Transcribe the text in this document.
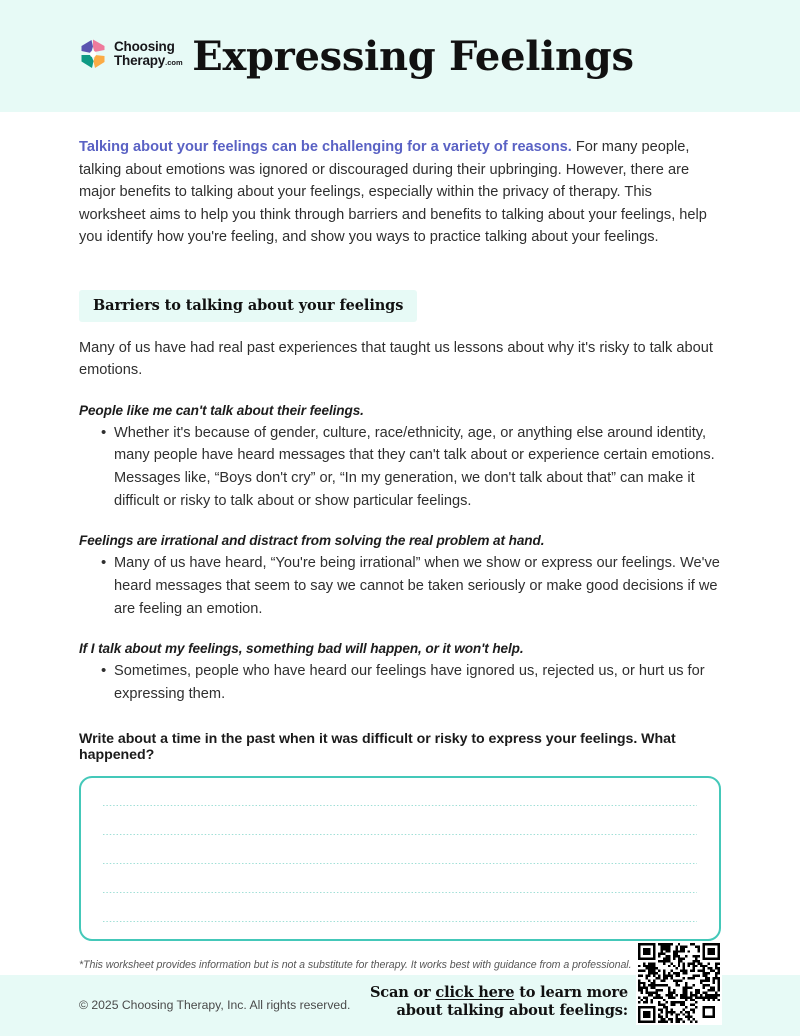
Choosing
Therapy.com Expressing Feelings

Talking about your feelings can be challenging for a variety of reasons. For many people, talking about emotions was ignored or discouraged during their upbringing. However, there are major benefits to talking about your feelings, especially within the privacy of therapy. This worksheet aims to help you think through barriers and benefits to talking about your feelings, help you identify how you're feeling, and show you ways to practice talking about your feelings.

Barriers to talking about your feelings

Many of us have had real past experiences that taught us lessons about why it's risky to talk about emotions.

People like me can't talk about their feelings.
• Whether it's because of gender, culture, race/ethnicity, age, or anything else around identity, many people have heard messages that they can't talk about or experience certain emotions. Messages like, “Boys don't cry” or, “In my generation, we don't talk about that” can make it difficult or risky to talk about or show particular feelings.
Feelings are irrational and distract from solving the real problem at hand.
• Many of us have heard, “You're being irrational” when we show or express our feelings. We've heard messages that seem to say we cannot be taken seriously or make good decisions if we are feeling an emotion.
If I talk about my feelings, something bad will happen, or it won't help.
• Sometimes, people who have heard our feelings have ignored us, rejected us, or hurt us for expressing them.
Write about a time in the past when it was difficult or risky to express your feelings. What happened?
*This worksheet provides information but is not a substitute for therapy. It works best with guidance from a professional.
© 2025 Choosing Therapy, Inc. All rights reserved.
Scan or click here to learn more
about talking about feelings:
